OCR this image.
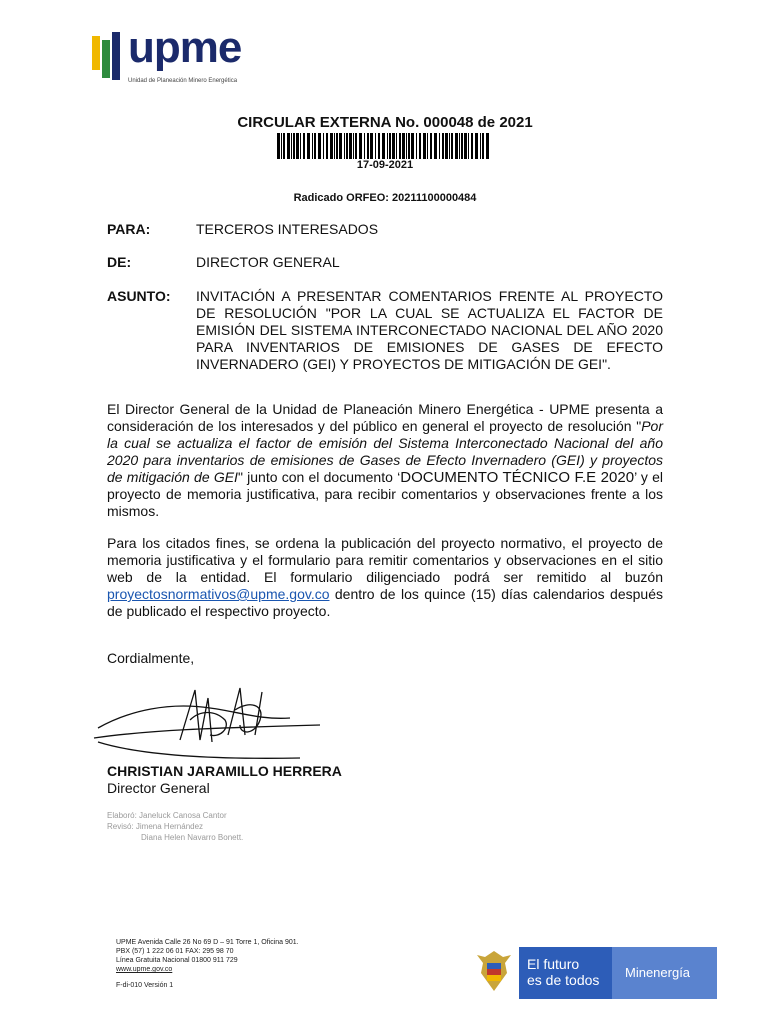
upme
Unidad de Planeación Minero Energética
CIRCULAR EXTERNA No. 000048 de 2021
17-09-2021
Radicado ORFEO: 20211100000484
PARA:	TERCEROS INTERESADOS
DE:	DIRECTOR GENERAL
ASUNTO: INVITACIÓN A PRESENTAR COMENTARIOS FRENTE AL PROYECTO DE RESOLUCIÓN "POR LA CUAL SE ACTUALIZA EL FACTOR DE EMISIÓN DEL SISTEMA INTERCONECTADO NACIONAL DEL AÑO 2020 PARA INVENTARIOS DE EMISIONES DE GASES DE EFECTO INVERNADERO (GEI) Y PROYECTOS DE MITIGACIÓN DE GEI".
El Director General de la Unidad de Planeación Minero Energética - UPME presenta a consideración de los interesados y del público en general el proyecto de resolución "Por la cual se actualiza el factor de emisión del Sistema Interconectado Nacional del año 2020 para inventarios de emisiones de Gases de Efecto Invernadero (GEI) y proyectos de mitigación de GEI" junto con el documento ‘DOCUMENTO TÉCNICO F.E 2020’ y el proyecto de memoria justificativa, para recibir comentarios y observaciones frente a los mismos.
Para los citados fines, se ordena la publicación del proyecto normativo, el proyecto de memoria justificativa y el formulario para remitir comentarios y observaciones en el sitio web de la entidad. El formulario diligenciado podrá ser remitido al buzón proyectosnormativos@upme.gov.co dentro de los quince (15) días calendarios después de publicado el respectivo proyecto.
Cordialmente,
CHRISTIAN JARAMILLO HERRERA
Director General
Elaboró: Janeluck Canosa Cantor
Revisó: Jimena Hernández
Diana Helen Navarro Bonett.
UPME Avenida Calle 26 No 69 D – 91 Torre 1, Oficina 901.
PBX (57) 1 222 06 01 FAX: 295 98 70
Línea Gratuita Nacional 01800 911 729
www.upme.gov.co
F-di-010 Versión 1
El futuro
es de todos Minenergía
